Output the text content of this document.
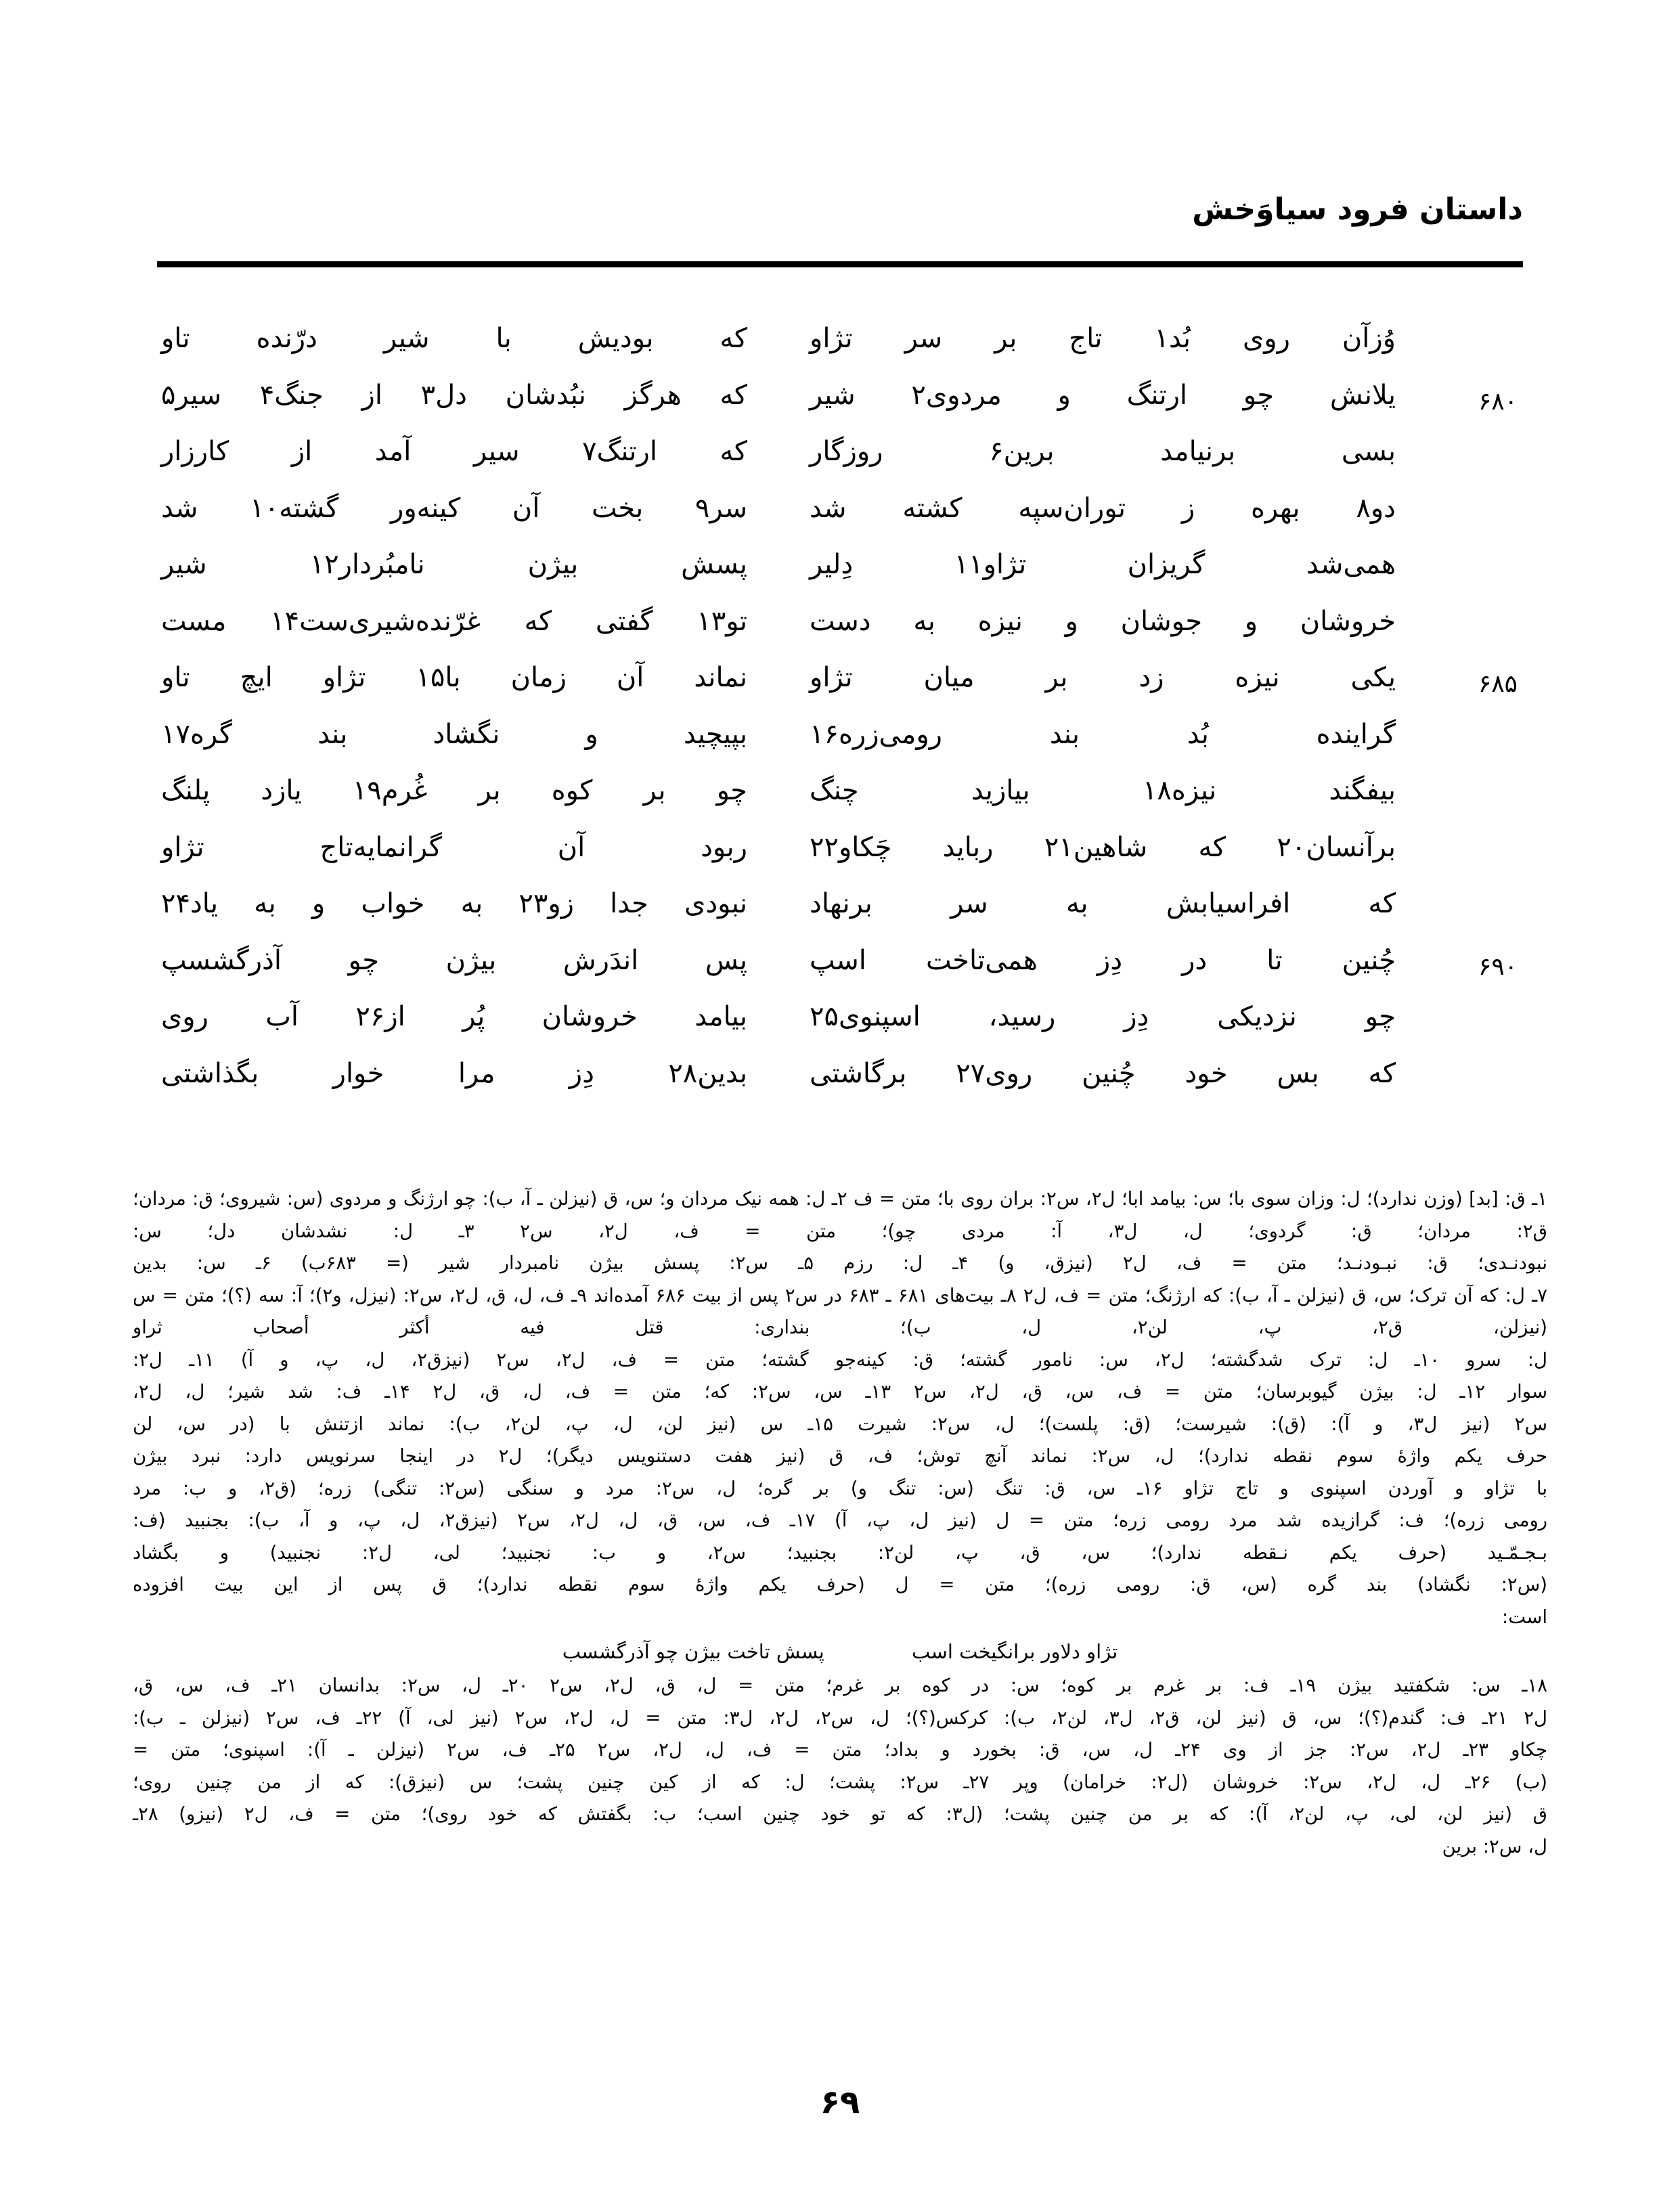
داستان فرود سیاوَخش
وُزآن روی بُد۱ تاج بر سر تژاو
که بودیش با شیر درّنده تاو
۶۸۰
یلانش چو ارتنگ و مردوی۲ شیر
که هرگز نبُدشان دل۳ از جنگ۴ سیر۵
بسی برنیامد برین۶ روزگار
که ارتنگ۷ سیر آمد از کارزار
دو۸ بهره ز توران‌سپه کشته شد
سر۹ بخت آن کینه‌ور گشته۱۰ شد
همی‌شد گریزان تژاو۱۱ دِلیر
پسش بیژن نامبُردار۱۲ شیر
خروشان و جوشان و نیزه به دست
تو۱۳ گفتی که غرّنده‌شیری‌ست۱۴ مست
۶۸۵
یکی نیزه زد بر میان تژاو
نماند آن زمان با۱۵ تژاو ایچ تاو
گراینده بُد بند رومی‌زره۱۶
بپیچید و نگشاد بند گره۱۷
بیفگند نیزه۱۸ بیازید چنگ
چو بر کوه بر غُرم۱۹ یازد پلنگ
برآنسان۲۰ که شاهین۲۱ ربايد چَکاو۲۲
ربود آن گرانمایه‌تاج تژاو
که افراسیابش به سر برنهاد
نبودی جدا زو۲۳ به خواب و به یاد۲۴
۶۹۰
چُنین تا در دِز همی‌تاخت اسپ
پس اندَرش بیژن چو آذرگشسپ
چو نزدیکی دِز رسید، اسپنوی۲۵
بیامد خروشان پُر از۲۶ آب روی
که بس خود چُنین روی۲۷ برگاشتی
بدین۲۸ دِز مرا خوار بگذاشتی

۱ـ ق: [بد] (وزن ندارد)؛ ل: وزان سوی با؛ س: بیامد ابا؛ ل۲، س۲: بران روی با؛ متن = ف ۲ـ ل: همه نیک مردان و؛ س، ق (نیزلن ـ آ، ب): چو ارژنگ و مردوی (س: شیروی؛ ق: مردان؛ ق۲: مردان؛ ق: گردوی؛ ل، ل۳، آ: مردی چو)؛ متن = ف، ل۲، س۲ ۳ـ ل: نشدشان دل؛ س:

نبودنـدی؛ ق: نبـودنـد؛ متن = ف، ل۲ (نیزق، و) ۴ـ ل: رزم ۵ـ س۲: پسش بیژن نامبردار شیر (= ۶۸۳ب) ۶ـ س: بدین

۷ـ ل: که آن ترک؛ س، ق (نیزلن ـ آ، ب): که ارژنگ؛ متن = ف، ل۲ ۸ـ بیت‌های ۶۸۱ ـ ۶۸۳ در س۲ پس از بیت ۶۸۶ آمده‌اند ۹ـ ف، ل، ق، ل۲، س۲: (نیزل، و۲)؛ آ: سه (؟)؛ متن = س (نیزلن، ق۲، پ، لن۲، ل، ب)؛ بنداری: قتل فیه أکثر أصحاب ثراو

ل: سرو ۱۰ـ ل: ترک شدگشته؛ ل۲، س: نامور گشته؛ ق: کینه‌جو گشته؛ متن = ف، ل۲، س۲ (نیزق۲، ل، پ، و آ) ۱۱ـ ل۲:

سوار ۱۲ـ ل: بیژن گیوبرسان؛ متن = ف، س، ق، ل۲، س۲ ۱۳ـ س، س۲: که؛ متن = ف، ل، ق، ل۲ ۱۴ـ ف: شد شیر؛ ل، ل۲،

س۲ (نیز ل۳، و آ): (ق): شیرست؛ (ق: پلست)؛ ل، س۲: شیرت ۱۵ـ س (نیز لن، ل، پ، لن۲، ب): نماند ازتنش با (در س، لن

حرف یکم واژهٔ سوم نقطه ندارد)؛ ل، س۲: نماند آنچ توش؛ ف، ق (نیز هفت دستنویس دیگر)؛ ل۲ در اینجا سرنویس دارد: نبرد بیژن

با تژاو و آوردن اسپنوی و تاج تژاو ۱۶ـ س، ق: تنگ (س: تنگ و) بر گره؛ ل، س۲: مرد و سنگی (س۲: تنگی) زره؛ (ق۲، و ب: مرد

رومی زره)؛ ف: گرازیده شد مرد رومی زره؛ متن = ل (نیز ل، پ، آ) ۱۷ـ ف، س، ق، ل، ل۲، س۲ (نیزق۲، ل، پ، و آ، ب): بجنبید (ف:

بـجـمّـید (حرف یکم نـقطه ندارد)؛ س، ق، پ، لن۲: بجنبید؛ س۲، و ب: نجنبید؛ لی، ل۲: نجنبید) و بگشاد

(س۲: نگشاد) بند گره (س، ق: رومی زره)؛ متن = ل (حرف یکم واژهٔ سوم نقطه ندارد)؛ ق پس از این بیت افزوده

است:

تژاو دلاور برانگیخت اسب پسش تاخت بیژن چو آذرگشسب

۱۸ـ س: شکفتید بیژن ۱۹ـ ف: بر غرم بر کوه؛ س: در کوه بر غرم؛ متن = ل، ق، ل۲، س۲ ۲۰ـ ل، س۲: بدانسان ۲۱ـ ف، س، ق،

ل۲ ۲۱ـ ف: گندم(؟)؛ س، ق (نیز لن، ق۲، ل۳، لن۲، ب): کرکس(؟)؛ ل، س۲، ل۲، ل۳: متن = ل، ل۲، س۲ (نیز لی، آ) ۲۲ـ ف، س۲ (نیزلن ـ ب):

چکاو ۲۳ـ ل۲، س۲: جز از وی ۲۴ـ ل، س، ق: بخورد و بداد؛ متن = ف، ل، ل۲، س۲ ۲۵ـ ف، س۲ (نیزلن ـ آ): اسپنوی؛ متن =

(ب) ۲۶ـ ل، ل۲، س۲: خروشان (ل۲: خرامان) وپر ۲۷ـ س۲: پشت؛ ل: که از کین چنین پشت؛ س (نیزق): که از من چنین روی؛

ق (نیز لن، لی، پ، لن۲، آ): که بر من چنین پشت؛ (ل۳: که تو خود چنین اسب؛ ب: بگفتش که خود روی)؛ متن = ف، ل۲ (نیزو) ۲۸ـ

ل، س۲: برین

۶۹
